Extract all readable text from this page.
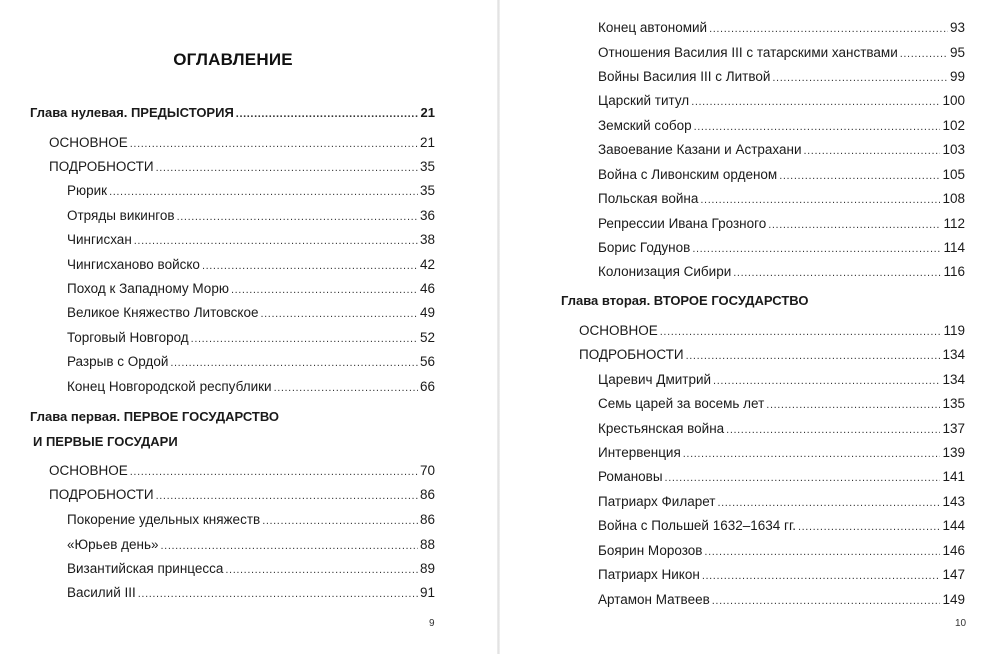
ОГЛАВЛЕНИЕ
Глава нулевая. ПРЕДЫСТОРИЯ .....	21
ОСНОВНОЕ .....	21
ПОДРОБНОСТИ .....	35
Рюрик .....	35
Отряды викингов .....	36
Чингисхан .....	38
Чингисханово войско .....	42
Поход к Западному Морю .....	46
Великое Княжество Литовское .....	49
Торговый Новгород .....	52
Разрыв с Ордой .....	56
Конец Новгородской республики .....	66
Глава первая. ПЕРВОЕ ГОСУДАРСТВО
И ПЕРВЫЕ ГОСУДАРИ
ОСНОВНОЕ .....	70
ПОДРОБНОСТИ .....	86
Покорение удельных княжеств .....	86
«Юрьев день» .....	88
Византийская принцесса .....	89
Василий III .....	91
9
Конец автономий .....	93
Отношения Василия III с татарскими ханствами .....	95
Войны Василия III с Литвой .....	99
Царский титул .....	100
Земский собор .....	102
Завоевание Казани и Астрахани .....	103
Война с Ливонским орденом .....	105
Польская война .....	108
Репрессии Ивана Грозного .....	112
Борис Годунов .....	114
Колонизация Сибири .....	116
Глава вторая. ВТОРОЕ ГОСУДАРСТВО
ОСНОВНОЕ .....	119
ПОДРОБНОСТИ .....	134
Царевич Дмитрий .....	134
Семь царей за восемь лет .....	135
Крестьянская война .....	137
Интервенция .....	139
Романовы .....	141
Патриарх Филарет .....	143
Война с Польшей 1632–1634 гг. .....	144
Боярин Морозов .....	146
Патриарх Никон .....	147
Артамон Матвеев .....	149
10
